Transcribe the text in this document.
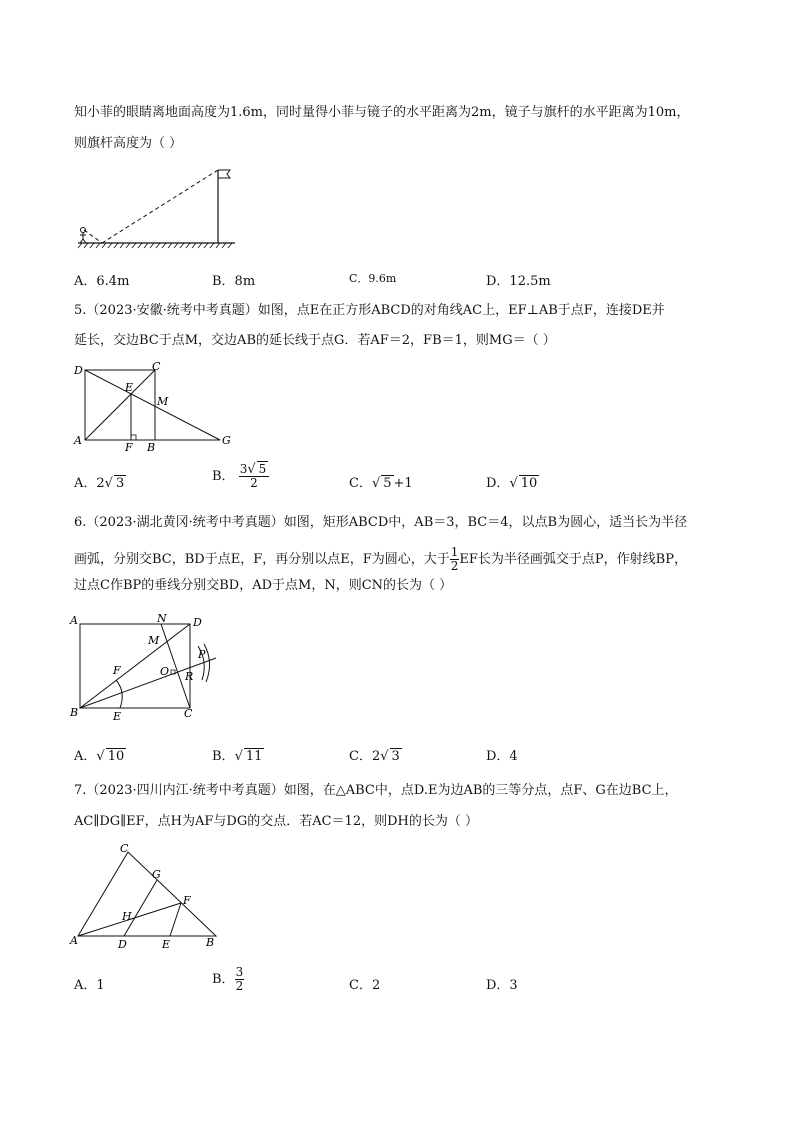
知小菲的眼睛离地面高度为1.6m，同时量得小菲与镜子的水平距离为2m，镜子与旗杆的水平距离为10m，
则旗杆高度为（ ）
A．6.4m	B．8m	C．9.6m	D．12.5m
5.（2023·安徽·统考中考真题）如图，点E在正方形ABCD的对角线AC上，EF⊥AB于点F，连接DE并
延长，交边BC于点M，交边AB的延长线于点G．若AF＝2，FB＝1，则MG＝（ ）
D	C
E
M
A
F B
G
A．2√ 3	B． $\frac{3√ 5}{2}$	C．√ 5 +1	D．√ 10
6.（2023·湖北黄冈·统考中考真题）如图，矩形ABCD中，AB＝3，BC＝4，以点B为圆心，适当长为半径
画弧，分别交BC，BD于点E，F，再分别以点E，F为圆心，大于 $\frac{1}{2}$ EF长为半径画弧交于点P，作射线BP，
过点C作BP的垂线分别交BD，AD于点M，N，则CN的长为（ ）
A	D
N
M
F	O R
P
B	E	C
A．√ 10	B．√ 11	C．2√ 3	D．4
7.（2023·四川内江·统考中考真题）如图，在△ABC中，点D.E为边AB的三等分点，点F、G在边BC上，
AC∥DG∥EF，点H为AF与DG的交点．若AC＝12，则DH的长为（ ）
C
G
F
H
A	D	E	B
A．1	B． $\frac{3}{2}$	C．2	D．3
